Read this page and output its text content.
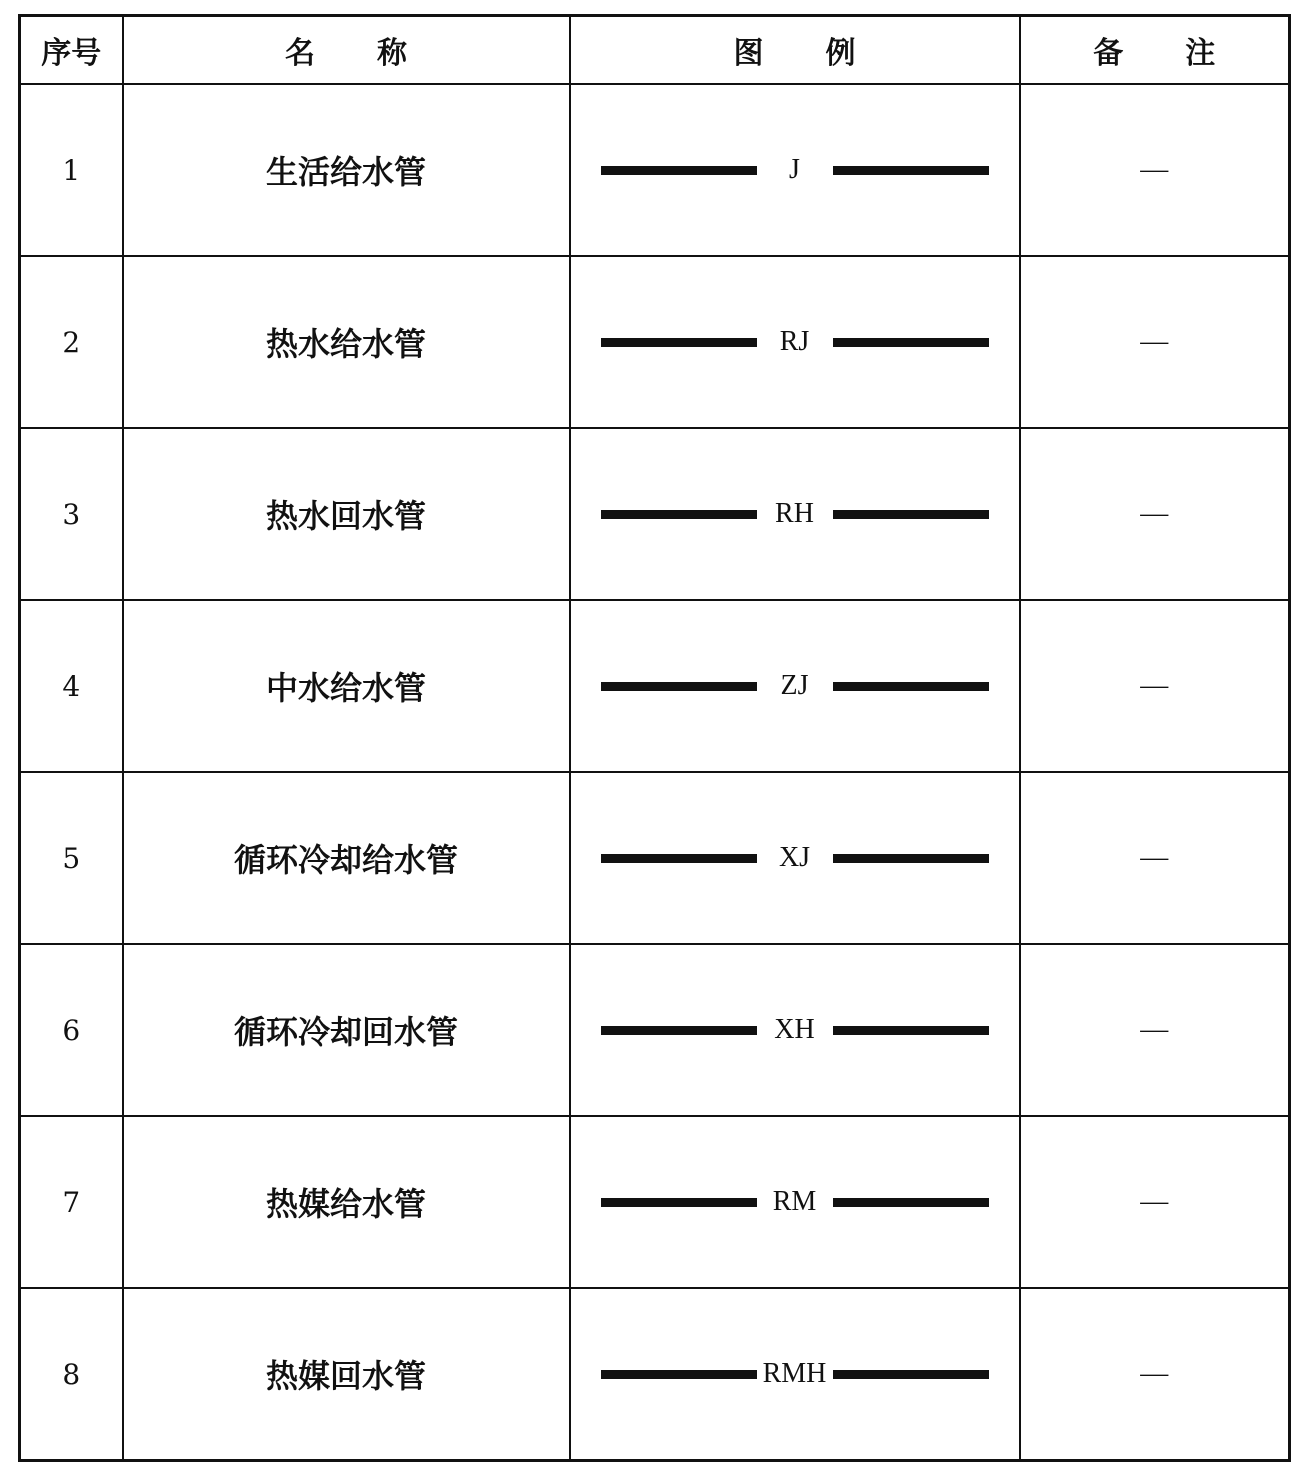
序号	名 称	图 例	备 注
1	生活给水管	J	—
2	热水给水管	RJ	—
3	热水回水管	RH	—
4	中水给水管	ZJ	—
5	循环冷却给水管	XJ	—
6	循环冷却回水管	XH	—
7	热媒给水管	RM	—
8	热媒回水管	RMH	—
